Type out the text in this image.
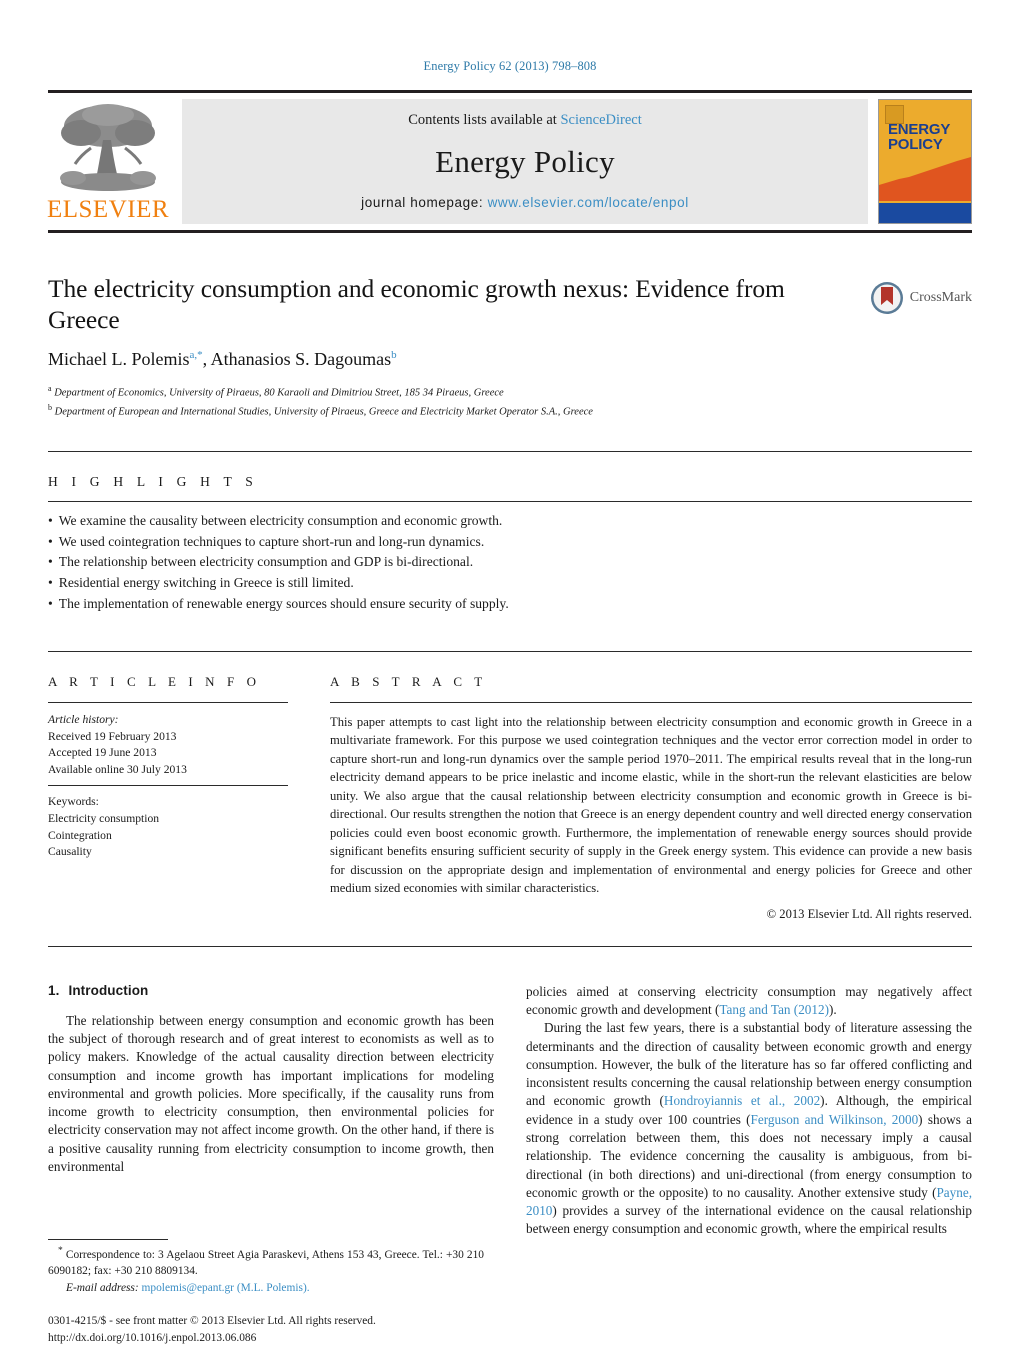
Energy Policy 62 (2013) 798–808
ELSEVIER
Contents lists available at ScienceDirect
Energy Policy
journal homepage: www.elsevier.com/locate/enpol
ENERGY
POLICY
CrossMark
The electricity consumption and economic growth nexus: Evidence from Greece
Michael L. Polemis$^{a,*}$, Athanasios S. Dagoumas$^b$
$^a$ Department of Economics, University of Piraeus, 80 Karaoli and Dimitriou Street, 185 34 Piraeus, Greece
$^b$ Department of European and International Studies, University of Piraeus, Greece and Electricity Market Operator S.A., Greece
H I G H L I G H T S
• We examine the causality between electricity consumption and economic growth.
• We used cointegration techniques to capture short-run and long-run dynamics.
• The relationship between electricity consumption and GDP is bi-directional.
• Residential energy switching in Greece is still limited.
• The implementation of renewable energy sources should ensure security of supply.
A R T I C L E I N F O
Article history:
Received 19 February 2013
Accepted 19 June 2013
Available online 30 July 2013
Keywords:
Electricity consumption
Cointegration
Causality
A B S T R A C T
This paper attempts to cast light into the relationship between electricity consumption and economic growth in Greece in a multivariate framework. For this purpose we used cointegration techniques and the vector error correction model in order to capture short-run and long-run dynamics over the sample period 1970–2011. The empirical results reveal that in the long-run electricity demand appears to be price inelastic and income elastic, while in the short-run the relevant elasticities are below unity. We also argue that the causal relationship between electricity consumption and economic growth in Greece is bi-directional. Our results strengthen the notion that Greece is an energy dependent country and well directed energy conservation policies could even boost economic growth. Furthermore, the implementation of renewable energy sources should provide significant benefits ensuring sufficient security of supply in the Greek energy system. This evidence can provide a new basis for discussion on the appropriate design and implementation of environmental and energy policies for Greece and other medium sized economies with similar characteristics.
© 2013 Elsevier Ltd. All rights reserved.
1. Introduction

The relationship between energy consumption and economic growth has been the subject of thorough research and of great interest to economists as well as to policy makers. Knowledge of the actual causality direction between electricity consumption and income growth has important implications for modeling environmental and growth policies. More specifically, if the causality runs from income growth to electricity consumption, then environmental policies for electricity conservation may not affect income growth. On the other hand, if there is a positive causality running from electricity consumption to income growth, then environmental

policies aimed at conserving electricity consumption may negatively affect economic growth and development (Tang and Tan (2012)).

During the last few years, there is a substantial body of literature assessing the determinants and the direction of causality between economic growth and energy consumption. However, the bulk of the literature has so far offered conflicting and inconsistent results concerning the causal relationship between energy consumption and economic growth (Hondroyiannis et al., 2002). Although, the empirical evidence in a study over 100 countries (Ferguson and Wilkinson, 2000) shows a strong correlation between them, this does not necessary imply a causal relationship. The evidence concerning the causality is ambiguous, from bi-directional (in both directions) and uni-directional (from energy consumption to economic growth or the opposite) to no causality. Another extensive study (Payne, 2010) provides a survey of the international evidence on the causal relationship between energy consumption and economic growth, where the empirical results

* Correspondence to: 3 Agelaou Street Agia Paraskevi, Athens 153 43, Greece. Tel.: +30 210 6090182; fax: +30 210 8809134.
E-mail address: mpolemis@epant.gr (M.L. Polemis).
0301-4215/$ - see front matter © 2013 Elsevier Ltd. All rights reserved.
http://dx.doi.org/10.1016/j.enpol.2013.06.086
